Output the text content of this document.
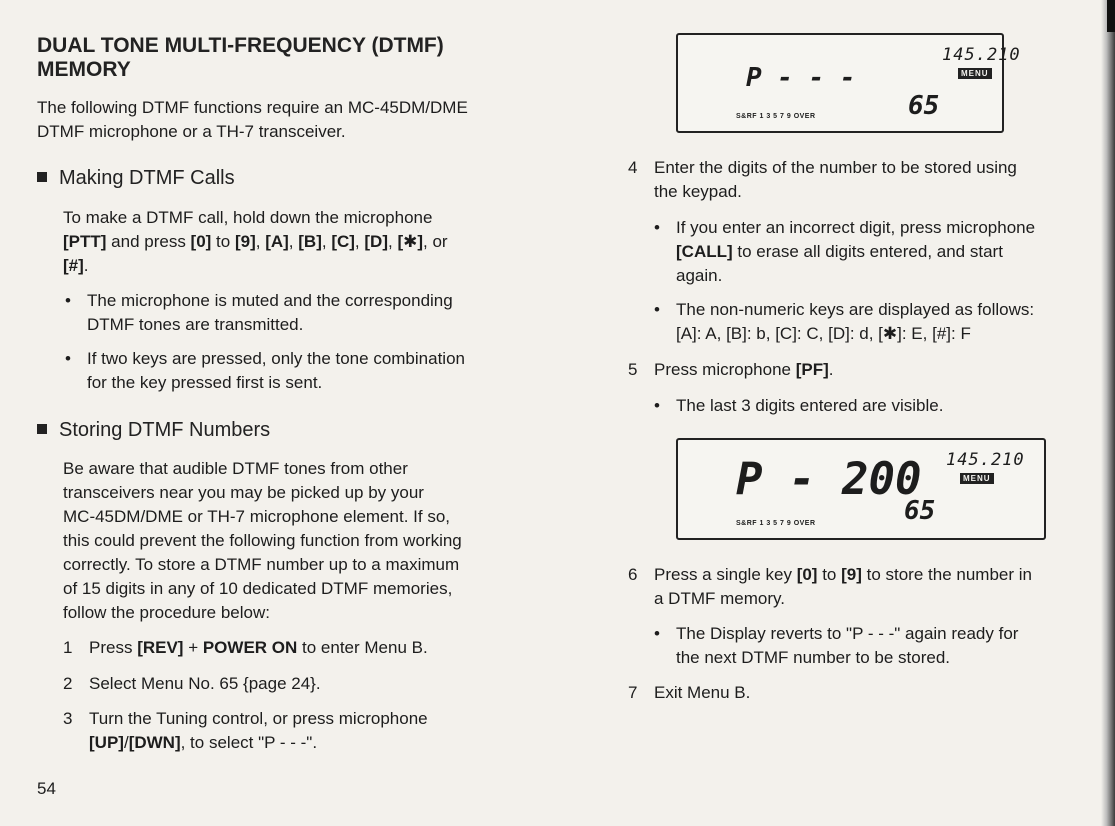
DUAL TONE MULTI-FREQUENCY (DTMF)
MEMORY
The following DTMF functions require an MC-45DM/DME
DTMF microphone or a TH-7 transceiver.
Making DTMF Calls
To make a DTMF call, hold down the microphone
[PTT] and press [0] to [9], [A], [B], [C], [D], [✱], or
[#].
• The microphone is muted and the corresponding
DTMF tones are transmitted.
• If two keys are pressed, only the tone combination
for the key pressed first is sent.
Storing DTMF Numbers
Be aware that audible DTMF tones from other
transceivers near you may be picked up by your
MC-45DM/DME or TH-7 microphone element. If so,
this could prevent the following function from working
correctly. To store a DTMF number up to a maximum
of 15 digits in any of 10 dedicated DTMF memories,
follow the procedure below:
1 Press [REV] + POWER ON to enter Menu B.
2 Select Menu No. 65 {page 24}.
3 Turn the Tuning control, or press microphone
[UP]/[DWN], to select "P - - -".
54
145.210
MENU
P - - -
65
S&RF 1 3 5 7 9 OVER
4 Enter the digits of the number to be stored using
the keypad.
• If you enter an incorrect digit, press microphone
[CALL] to erase all digits entered, and start
again.
• The non-numeric keys are displayed as follows:
[A]: A, [B]: b, [C]: C, [D]: d, [✱]: E, [#]: F
5 Press microphone [PF].
• The last 3 digits entered are visible.
145.210
MENU
P - 200
65
S&RF 1 3 5 7 9 OVER
6 Press a single key [0] to [9] to store the number in
a DTMF memory.
• The Display reverts to "P - - -" again ready for
the next DTMF number to be stored.
7 Exit Menu B.
